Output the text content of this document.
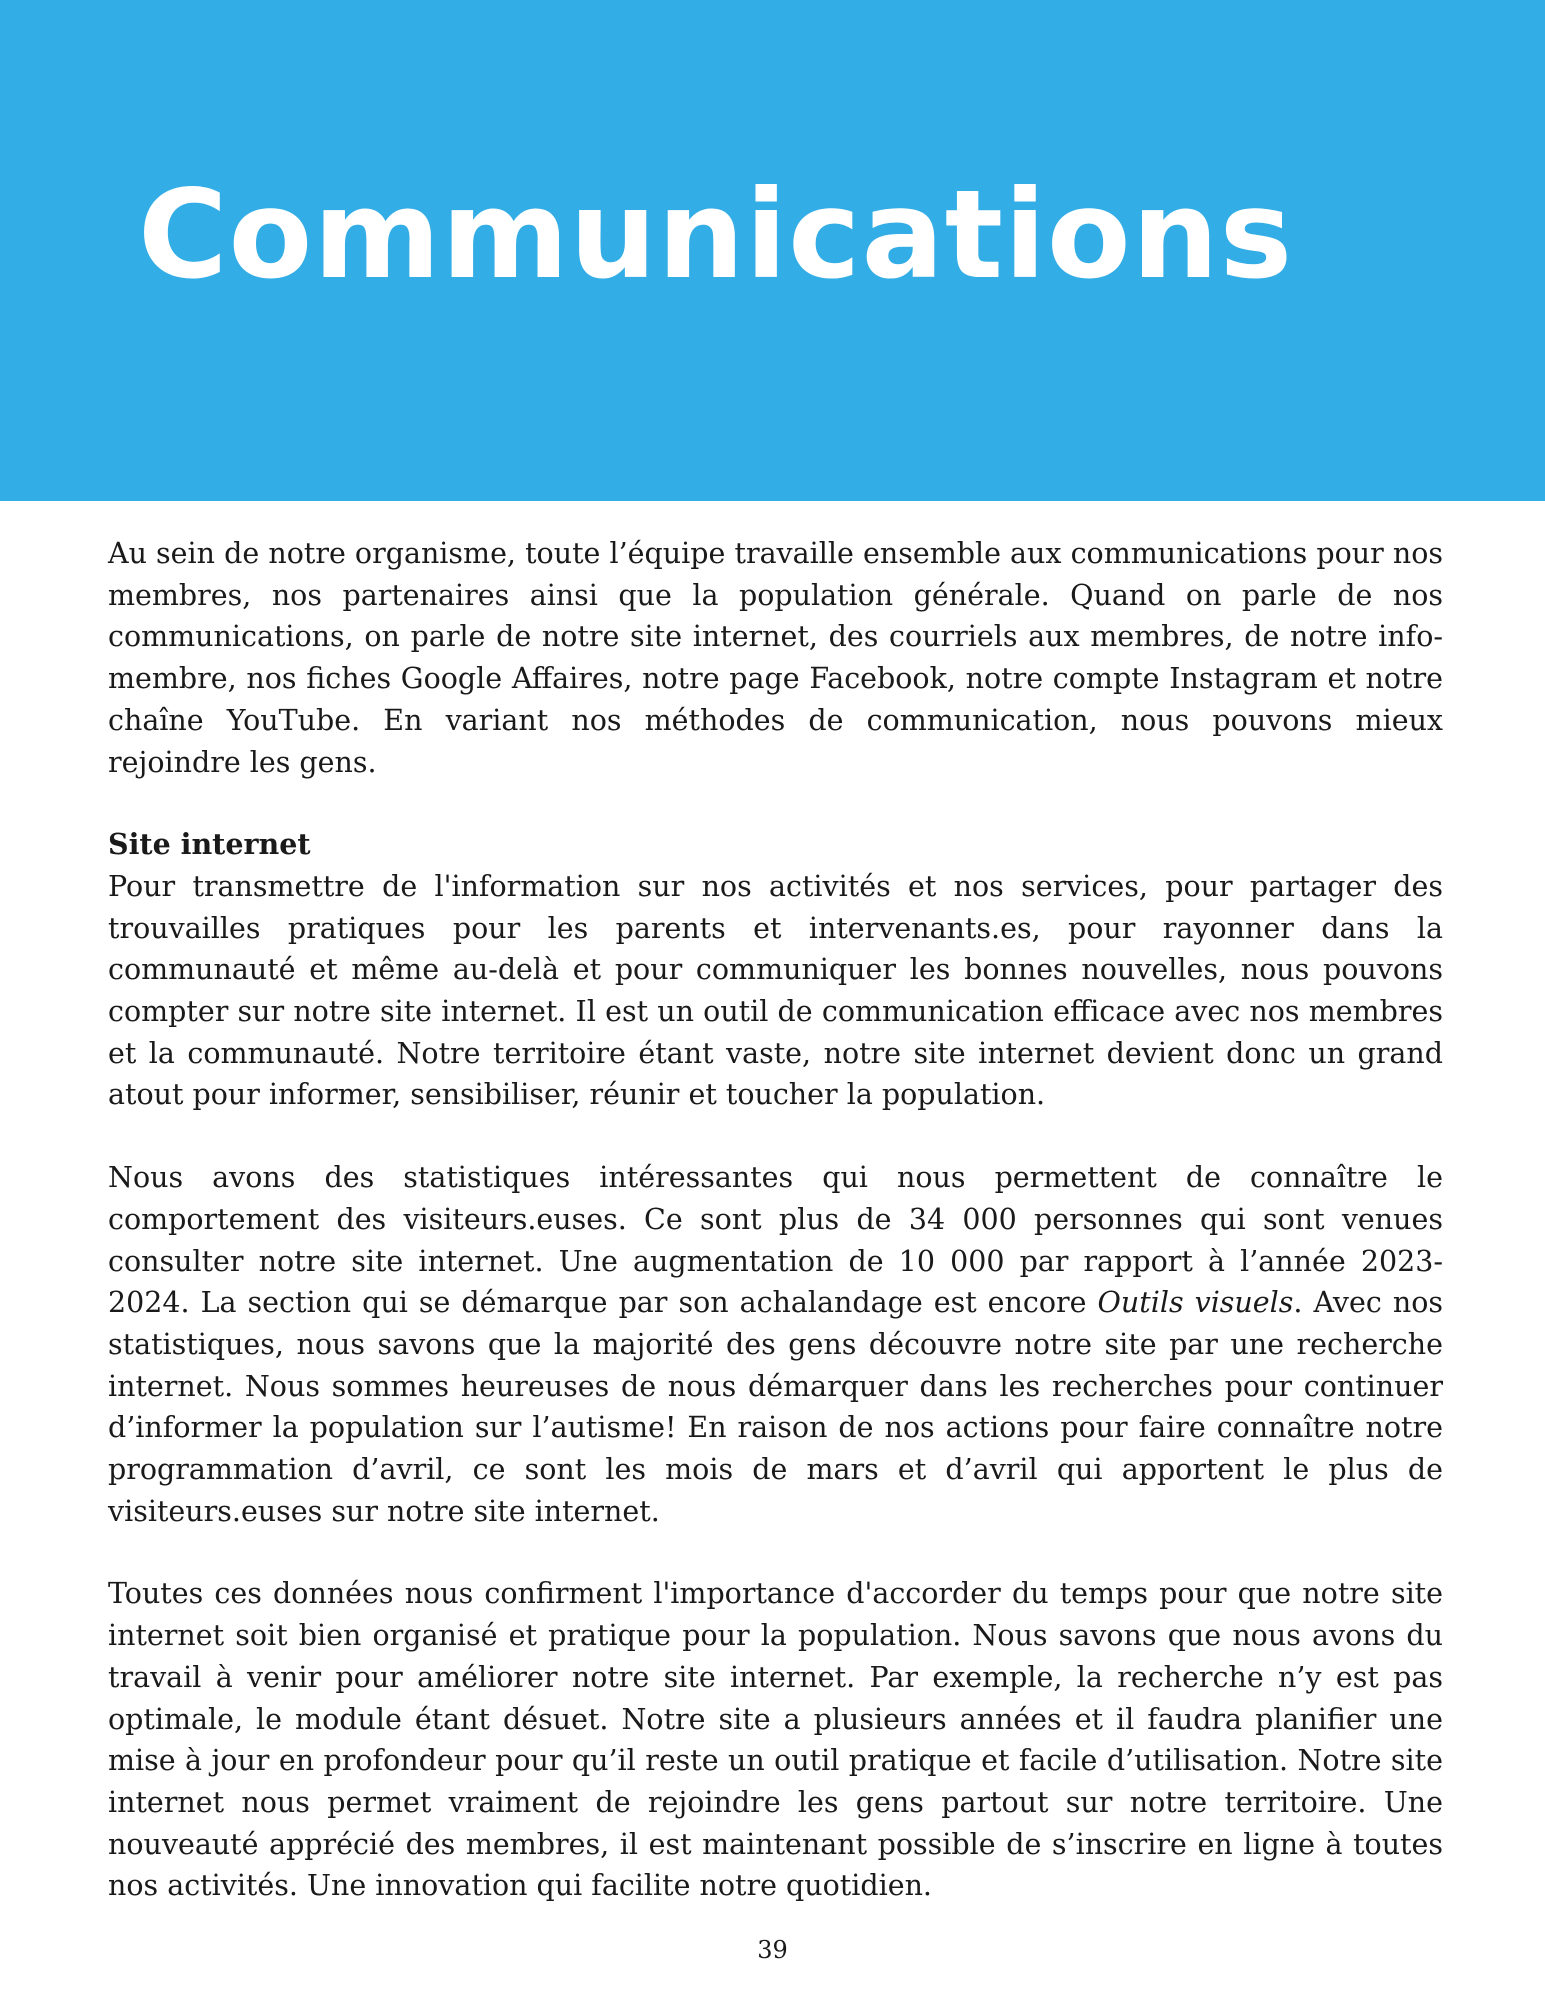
Communications

Au sein de notre organisme, toute l’équipe travaille ensemble aux communications pour nos membres, nos partenaires ainsi que la population générale. Quand on parle de nos communications, on parle de notre site internet, des courriels aux membres, de notre info-membre, nos fiches Google Affaires, notre page Facebook, notre compte Instagram et notre chaîne YouTube. En variant nos méthodes de communication, nous pouvons mieux rejoindre les gens.

Site internet

Pour transmettre de l'information sur nos activités et nos services, pour partager des trouvailles pratiques pour les parents et intervenants.es, pour rayonner dans la communauté et même au-delà et pour communiquer les bonnes nouvelles, nous pouvons compter sur notre site internet. Il est un outil de communication efficace avec nos membres et la communauté. Notre territoire étant vaste, notre site internet devient donc un grand atout pour informer, sensibiliser, réunir et toucher la population.

Nous avons des statistiques intéressantes qui nous permettent de connaître le comportement des visiteurs.euses. Ce sont plus de 34 000 personnes qui sont venues consulter notre site internet. Une augmentation de 10 000 par rapport à l’année 2023-2024. La section qui se démarque par son achalandage est encore Outils visuels. Avec nos statistiques, nous savons que la majorité des gens découvre notre site par une recherche internet. Nous sommes heureuses de nous démarquer dans les recherches pour continuer d’informer la population sur l’autisme! En raison de nos actions pour faire connaître notre programmation d’avril, ce sont les mois de mars et d’avril qui apportent le plus de visiteurs.euses sur notre site internet.

Toutes ces données nous confirment l'importance d'accorder du temps pour que notre site internet soit bien organisé et pratique pour la population. Nous savons que nous avons du travail à venir pour améliorer notre site internet. Par exemple, la recherche n’y est pas optimale, le module étant désuet. Notre site a plusieurs années et il faudra planifier une mise à jour en profondeur pour qu’il reste un outil pratique et facile d’utilisation. Notre site internet nous permet vraiment de rejoindre les gens partout sur notre territoire. Une nouveauté apprécié des membres, il est maintenant possible de s’inscrire en ligne à toutes nos activités. Une innovation qui facilite notre quotidien.

39
